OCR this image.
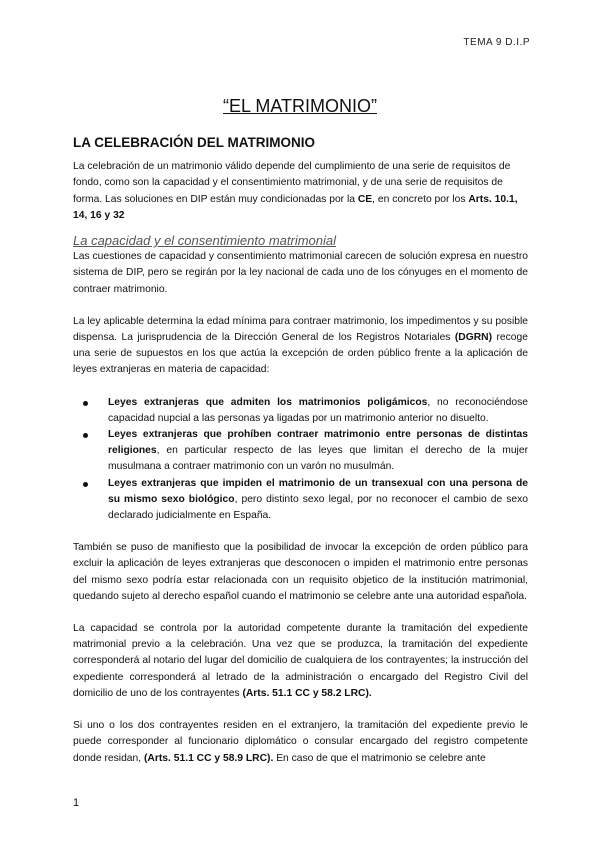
TEMA 9 D.I.P
“EL MATRIMONIO”
LA CELEBRACIÓN DEL MATRIMONIO

La celebración de un matrimonio válido depende del cumplimiento de una serie de requisitos de fondo, como son la capacidad y el consentimiento matrimonial, y de una serie de requisitos de forma. Las soluciones en DIP están muy condicionadas por la CE, en concreto por los Arts. 10.1, 14, 16 y 32

La capacidad y el consentimiento matrimonial

Las cuestiones de capacidad y consentimiento matrimonial carecen de solución expresa en nuestro sistema de DIP, pero se regirán por la ley nacional de cada uno de los cónyuges en el momento de contraer matrimonio.

La ley aplicable determina la edad mínima para contraer matrimonio, los impedimentos y su posible dispensa. La jurisprudencia de la Dirección General de los Registros Notariales (DGRN) recoge una serie de supuestos en los que actúa la excepción de orden público frente a la aplicación de leyes extranjeras en materia de capacidad:

Leyes extranjeras que admiten los matrimonios poligámicos, no reconociéndose capacidad nupcial a las personas ya ligadas por un matrimonio anterior no disuelto.
Leyes extranjeras que prohíben contraer matrimonio entre personas de distintas religiones, en particular respecto de las leyes que limitan el derecho de la mujer musulmana a contraer matrimonio con un varón no musulmán.
Leyes extranjeras que impiden el matrimonio de un transexual con una persona de su mismo sexo biológico, pero distinto sexo legal, por no reconocer el cambio de sexo declarado judicialmente en España.

También se puso de manifiesto que la posibilidad de invocar la excepción de orden público para excluir la aplicación de leyes extranjeras que desconocen o impiden el matrimonio entre personas del mismo sexo podría estar relacionada con un requisito objetico de la institución matrimonial, quedando sujeto al derecho español cuando el matrimonio se celebre ante una autoridad española.

La capacidad se controla por la autoridad competente durante la tramitación del expediente matrimonial previo a la celebración. Una vez que se produzca, la tramitación del expediente corresponderá al notario del lugar del domicilio de cualquiera de los contrayentes; la instrucción del expediente corresponderá al letrado de la administración o encargado del Registro Civil del domicilio de uno de los contrayentes (Arts. 51.1 CC y 58.2 LRC).

Si uno o los dos contrayentes residen en el extranjero, la tramitación del expediente previo le puede corresponder al funcionario diplomático o consular encargado del registro competente donde residan, (Arts. 51.1 CC y 58.9 LRC). En caso de que el matrimonio se celebre ante

1
